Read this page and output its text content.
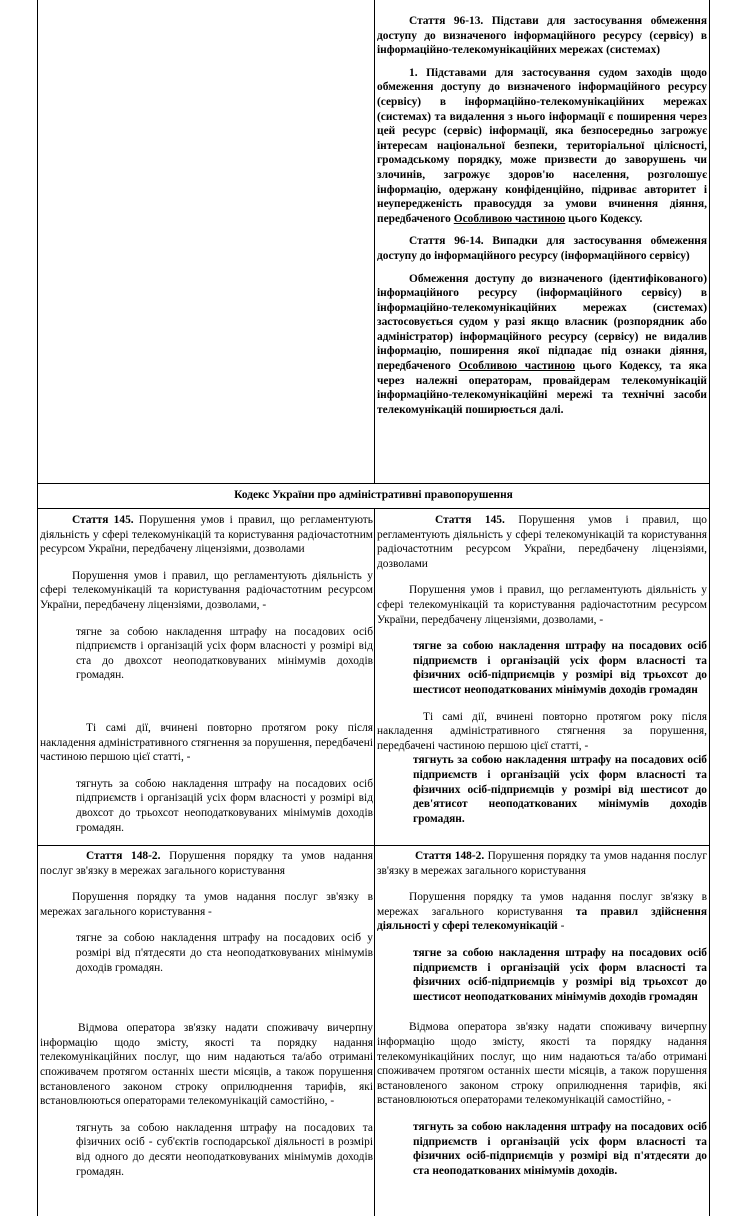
Стаття 96-13. Підстави для застосування обмеження доступу до визначеного інформаційного ресурсу (сервісу) в інформаційно-телекомунікаційних мережах (системах)

1. Підставами для застосування судом заходів щодо обмеження доступу до визначеного інформаційного ресурсу (сервісу) в інформаційно-телекомунікаційних мережах (системах) та видалення з нього інформації є поширення через цей ресурс (сервіс) інформації, яка безпосередньо загрожує інтересам національної безпеки, територіальної цілісності, громадському порядку, може призвести до заворушень чи злочинів, загрожує здоров'ю населення, розголошує інформацію, одержану конфіденційно, підриває авторитет і неупередженість правосуддя за умови вчинення діяння, передбаченого Особливою частиною цього Кодексу.

Стаття 96-14. Випадки для застосування обмеження доступу до інформаційного ресурсу (інформаційного сервісу)

Обмеження доступу до визначеного (ідентифікованого) інформаційного ресурсу (інформаційного сервісу) в інформаційно-телекомунікаційних мережах (системах) застосовується судом у разі якщо власник (розпорядник або адміністратор) інформаційного ресурсу (сервісу) не видалив інформацію, поширення якої підпадає під ознаки діяння, передбаченого Особливою частиною цього Кодексу, та яка через належні операторам, провайдерам телекомунікацій інформаційно-телекомунікаційні мережі та технічні засоби телекомунікацій поширюється далі.

Кодекс України про адміністративні правопорушення

Стаття 145. Порушення умов і правил, що регламентують діяльність у сфері телекомунікацій та користування радіочастотним ресурсом України, передбачену ліцензіями, дозволами

Порушення умов і правил, що регламентують діяльність у сфері телекомунікацій та користування радіочастотним ресурсом України, передбачену ліцензіями, дозволами, -

тягне за собою накладення штрафу на посадових осіб підприємств і організацій усіх форм власності у розмірі від ста до двохсот неоподатковуваних мінімумів доходів громадян.

Ті самі дії, вчинені повторно протягом року після накладення адміністративного стягнення за порушення, передбачені частиною першою цієї статті, -

тягнуть за собою накладення штрафу на посадових осіб підприємств і організацій усіх форм власності у розмірі від двохсот до трьохсот неоподатковуваних мінімумів доходів громадян.

Стаття 145. Порушення умов і правил, що регламентують діяльність у сфері телекомунікацій та користування радіочастотним ресурсом України, передбачену ліцензіями, дозволами

Порушення умов і правил, що регламентують діяльність у сфері телекомунікацій та користування радіочастотним ресурсом України, передбачену ліцензіями, дозволами, -

тягне за собою накладення штрафу на посадових осіб підприємств і організацій усіх форм власності та фізичних осіб-підприємців у розмірі від трьохсот до шестисот неоподаткованих мінімумів доходів громадян

Ті самі дії, вчинені повторно протягом року після накладення адміністративного стягнення за порушення, передбачені частиною першою цієї статті, -

тягнуть за собою накладення штрафу на посадових осіб підприємств і організацій усіх форм власності та фізичних осіб-підприємців у розмірі від шестисот до дев'ятисот неоподаткованих мінімумів доходів громадян.

Стаття 148-2. Порушення порядку та умов надання послуг зв'язку в мережах загального користування

Порушення порядку та умов надання послуг зв'язку в мережах загального користування -

тягне за собою накладення штрафу на посадових осіб у розмірі від п'ятдесяти до ста неоподатковуваних мінімумів доходів громадян.

Відмова оператора зв'язку надати споживачу вичерпну інформацію щодо змісту, якості та порядку надання телекомунікаційних послуг, що ним надаються та/або отримані споживачем протягом останніх шести місяців, а також порушення встановленого законом строку оприлюднення тарифів, які встановлюються операторами телекомунікацій самостійно, -

тягнуть за собою накладення штрафу на посадових та фізичних осіб - суб'єктів господарської діяльності в розмірі від одного до десяти неоподатковуваних мінімумів доходів громадян.

Стаття 148-2. Порушення порядку та умов надання послуг зв'язку в мережах загального користування

Порушення порядку та умов надання послуг зв'язку в мережах загального користування та правил здійснення діяльності у сфері телекомунікацій -

тягне за собою накладення штрафу на посадових осіб підприємств і організацій усіх форм власності та фізичних осіб-підприємців у розмірі від трьохсот до шестисот неоподаткованих мінімумів доходів громадян

Відмова оператора зв'язку надати споживачу вичерпну інформацію щодо змісту, якості та порядку надання телекомунікаційних послуг, що ним надаються та/або отримані споживачем протягом останніх шести місяців, а також порушення встановленого законом строку оприлюднення тарифів, які встановлюються операторами телекомунікацій самостійно, -

тягнуть за собою накладення штрафу на посадових осіб підприємств і організацій усіх форм власності та фізичних осіб-підприємців у розмірі від п'ятдесяти до ста неоподаткованих мінімумів доходів.
